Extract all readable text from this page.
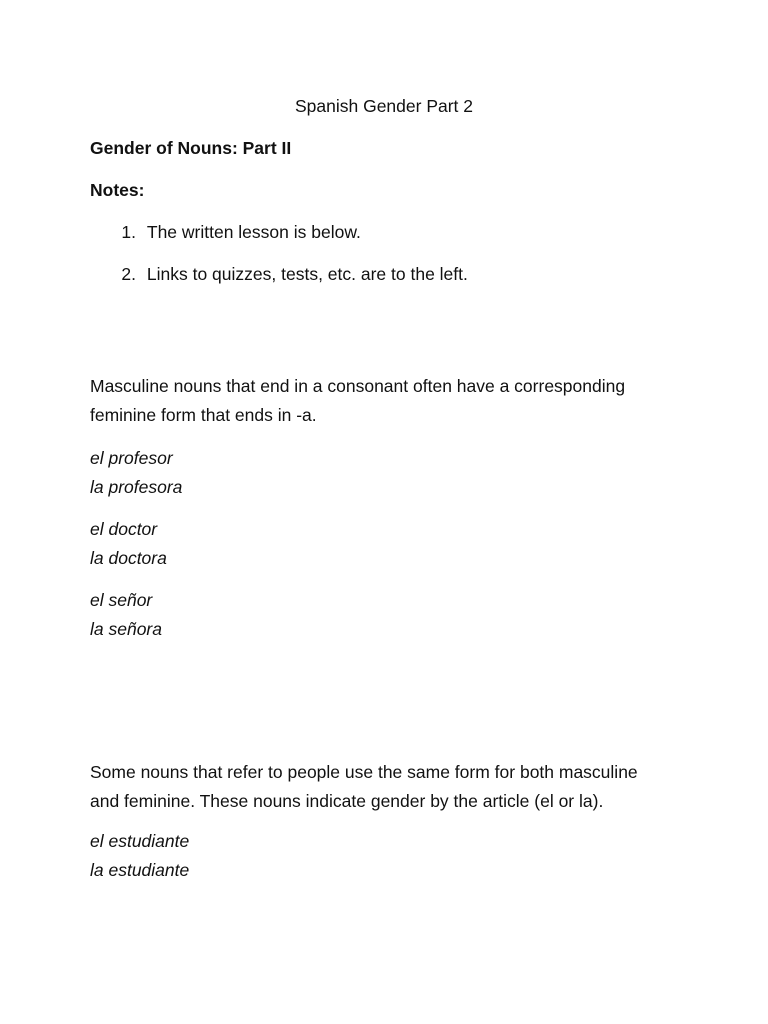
Spanish Gender Part 2
Gender of Nouns: Part II
Notes:
1. The written lesson is below.
2. Links to quizzes, tests, etc. are to the left.
Masculine nouns that end in a consonant often have a corresponding
feminine form that ends in -a.
el profesor
la profesora
el doctor
la doctora
el señor
la señora
Some nouns that refer to people use the same form for both masculine
and feminine. These nouns indicate gender by the article (el or la).
el estudiante
la estudiante
